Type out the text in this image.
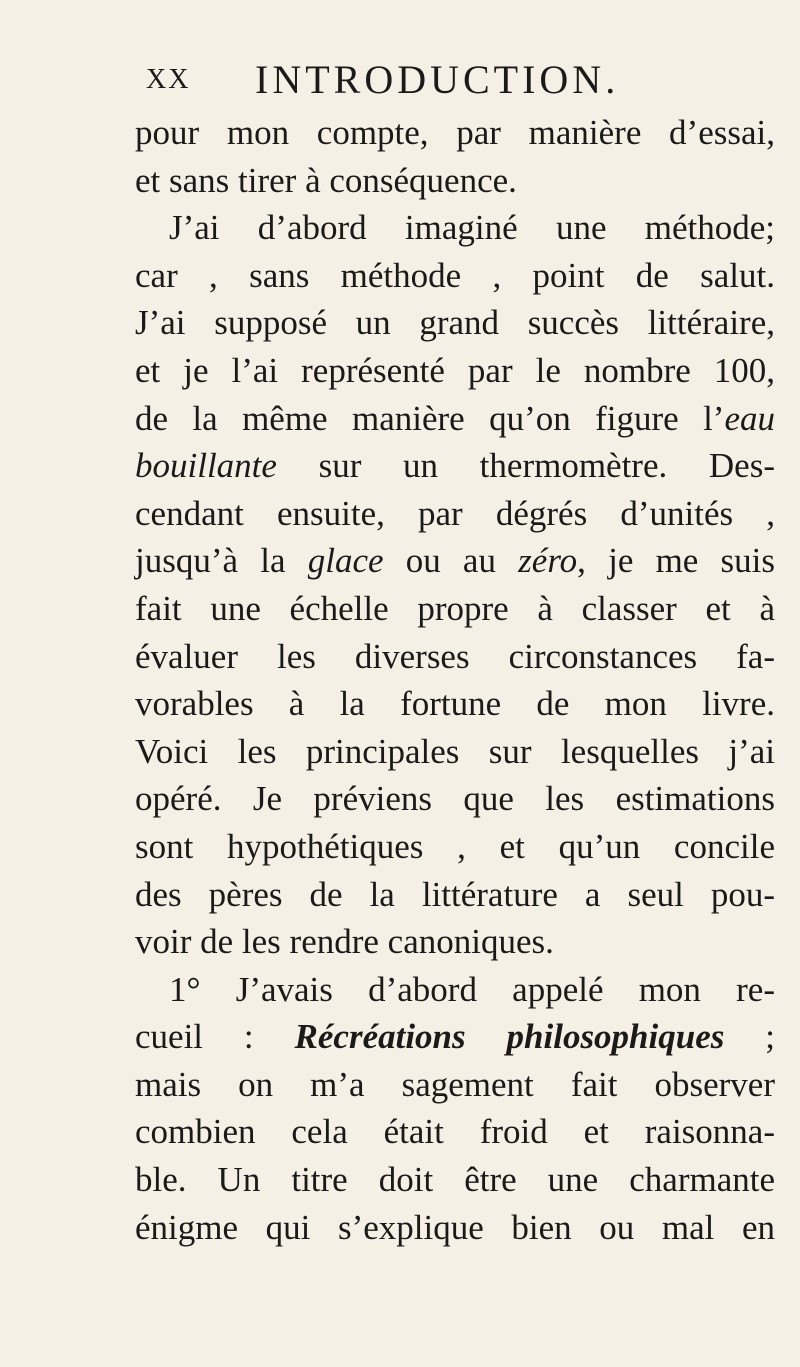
XX INTRODUCTION.
pour mon compte, par manière d’essai,
et sans tirer à conséquence.
J’ai d’abord imaginé une méthode;
car , sans méthode , point de salut.
J’ai supposé un grand succès littéraire,
et je l’ai représenté par le nombre 100,
de la même manière qu’on figure l’eau
bouillante sur un thermomètre. Des-
cendant ensuite, par dégrés d’unités ,
jusqu’à la glace ou au zéro, je me suis
fait une échelle propre à classer et à
évaluer les diverses circonstances fa-
vorables à la fortune de mon livre.
Voici les principales sur lesquelles j’ai
opéré. Je préviens que les estimations
sont hypothétiques , et qu’un concile
des pères de la littérature a seul pou-
voir de les rendre canoniques.
1° J’avais d’abord appelé mon re-
cueil : Récréations philosophiques ;
mais on m’a sagement fait observer
combien cela était froid et raisonna-
ble. Un titre doit être une charmante
énigme qui s’explique bien ou mal en
